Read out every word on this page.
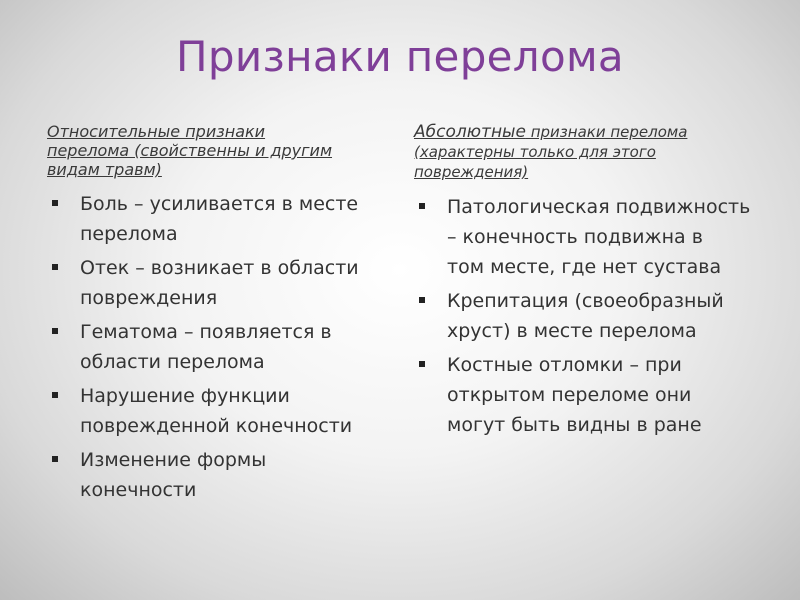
Признаки перелома

Относительные признаки
перелома (свойственны и другим
видам травм)

Боль – усиливается в месте
перелома
Отек – возникает в области
повреждения
Гематома – появляется в
области перелома
Нарушение функции
поврежденной конечности
Изменение формы
конечности

Абсолютные признаки перелома
(характерны только для этого
повреждения)

Патологическая подвижность
– конечность подвижна в
том месте, где нет сустава
Крепитация (своеобразный
хруст) в месте перелома
Костные отломки – при
открытом переломе они
могут быть видны в ране
